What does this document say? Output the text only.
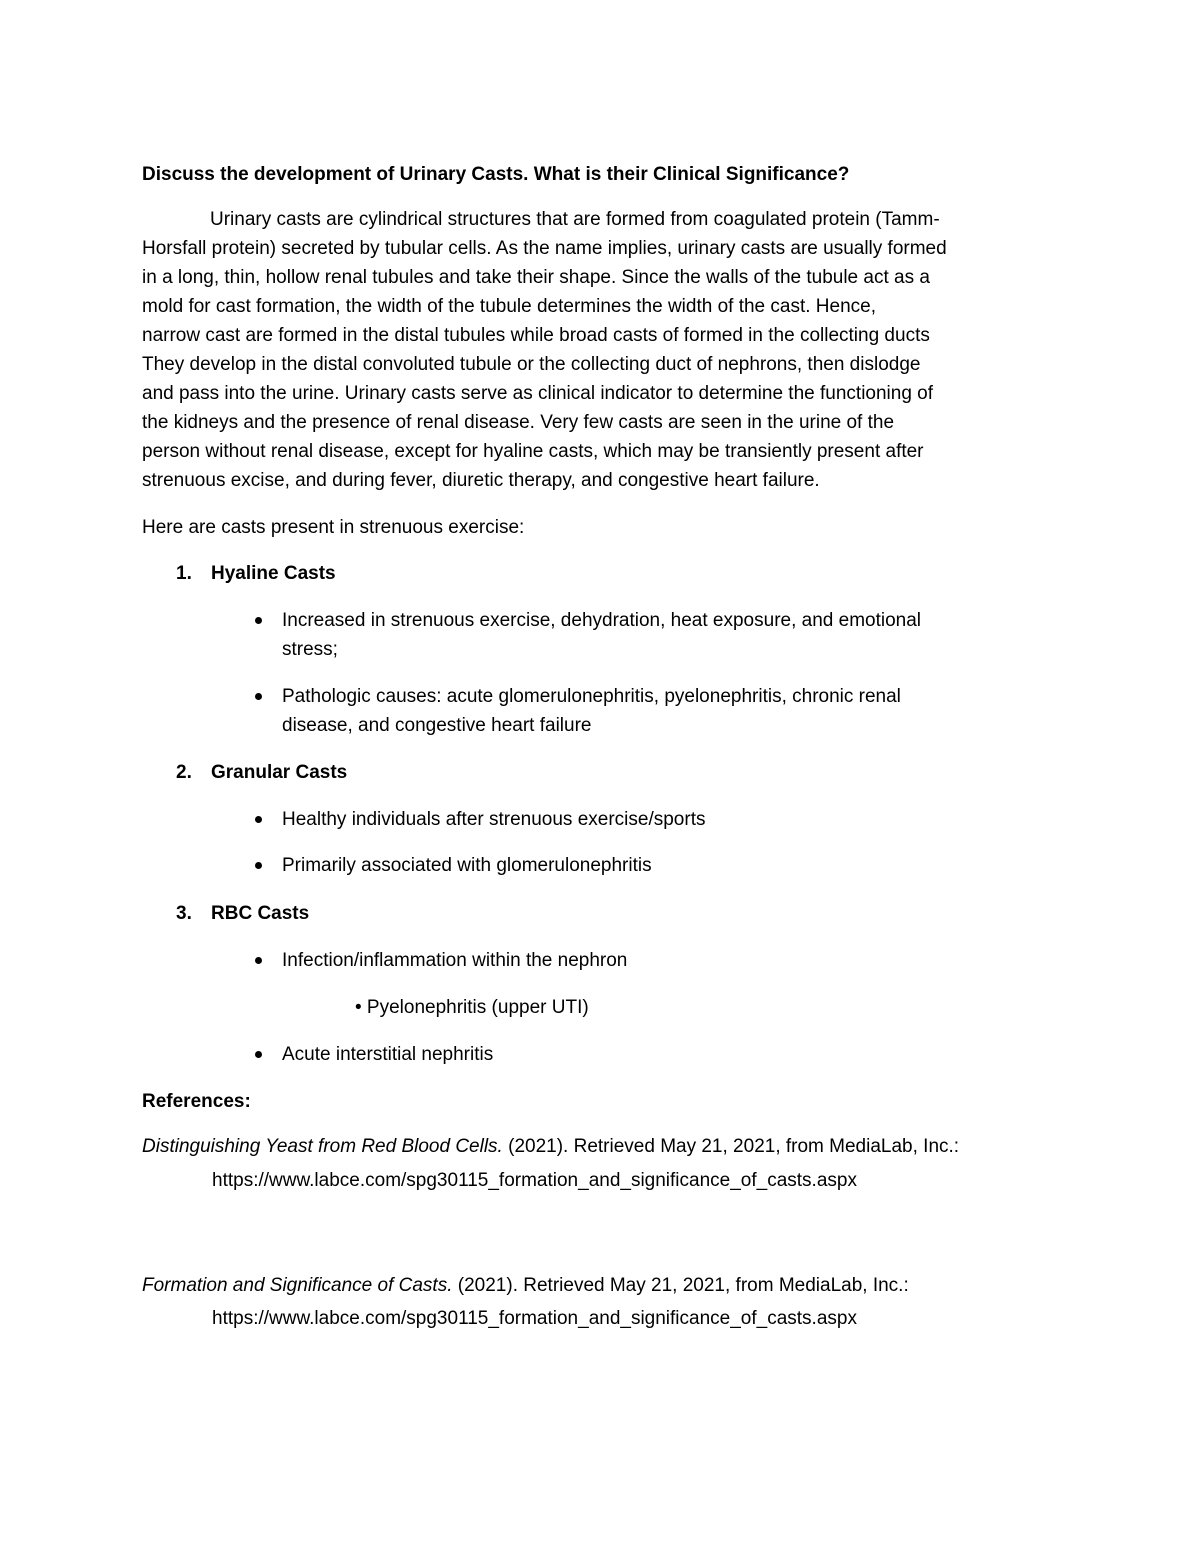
Discuss the development of Urinary Casts. What is their Clinical Significance?
Urinary casts are cylindrical structures that are formed from coagulated protein (Tamm-
Horsfall protein) secreted by tubular cells. As the name implies, urinary casts are usually formed
in a long, thin, hollow renal tubules and take their shape. Since the walls of the tubule act as a
mold for cast formation, the width of the tubule determines the width of the cast. Hence,
narrow cast are formed in the distal tubules while broad casts of formed in the collecting ducts
They develop in the distal convoluted tubule or the collecting duct of nephrons, then dislodge
and pass into the urine. Urinary casts serve as clinical indicator to determine the functioning of
the kidneys and the presence of renal disease. Very few casts are seen in the urine of the
person without renal disease, except for hyaline casts, which may be transiently present after
strenuous excise, and during fever, diuretic therapy, and congestive heart failure.
Here are casts present in strenuous exercise:
1. Hyaline Casts
Increased in strenuous exercise, dehydration, heat exposure, and emotional
stress;
Pathologic causes: acute glomerulonephritis, pyelonephritis, chronic renal
disease, and congestive heart failure
2. Granular Casts
Healthy individuals after strenuous exercise/sports
Primarily associated with glomerulonephritis
3. RBC Casts
Infection/inflammation within the nephron
• Pyelonephritis (upper UTI)
Acute interstitial nephritis
References:
Distinguishing Yeast from Red Blood Cells. (2021). Retrieved May 21, 2021, from MediaLab, Inc.:
https://www.labce.com/spg30115_formation_and_significance_of_casts.aspx
Formation and Significance of Casts. (2021). Retrieved May 21, 2021, from MediaLab, Inc.:
https://www.labce.com/spg30115_formation_and_significance_of_casts.aspx
